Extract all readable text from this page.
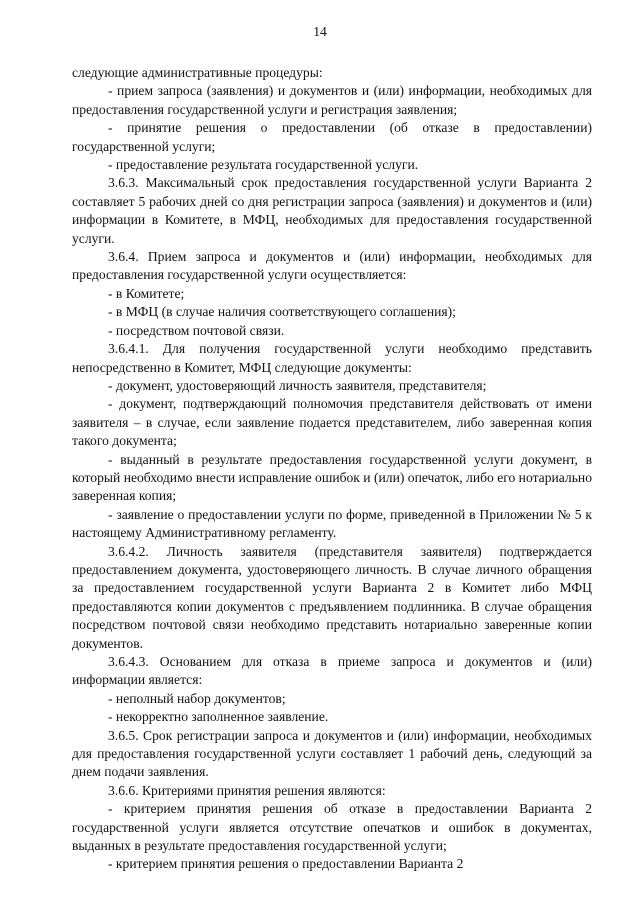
14

следующие административные процедуры:

- прием запроса (заявления) и документов и (или) информации, необходимых для предоставления государственной услуги и регистрация заявления;

- принятие решения о предоставлении (об отказе в предоставлении) государственной услуги;

- предоставление результата государственной услуги.

3.6.3. Максимальный срок предоставления государственной услуги Варианта 2 составляет 5 рабочих дней со дня регистрации запроса (заявления) и документов и (или) информации в Комитете, в МФЦ, необходимых для предоставления государственной услуги.

3.6.4. Прием запроса и документов и (или) информации, необходимых для предоставления государственной услуги осуществляется:

- в Комитете;

- в МФЦ (в случае наличия соответствующего соглашения);

- посредством почтовой связи.

3.6.4.1. Для получения государственной услуги необходимо представить непосредственно в Комитет, МФЦ следующие документы:

- документ, удостоверяющий личность заявителя, представителя;

- документ, подтверждающий полномочия представителя действовать от имени заявителя – в случае, если заявление подается представителем, либо заверенная копия такого документа;

- выданный в результате предоставления государственной услуги документ, в который необходимо внести исправление ошибок и (или) опечаток, либо его нотариально заверенная копия;

- заявление о предоставлении услуги по форме, приведенной в Приложении № 5 к настоящему Административному регламенту.

3.6.4.2. Личность заявителя (представителя заявителя) подтверждается предоставлением документа, удостоверяющего личность. В случае личного обращения за предоставлением государственной услуги Варианта 2 в Комитет либо МФЦ предоставляются копии документов с предъявлением подлинника. В случае обращения посредством почтовой связи необходимо представить нотариально заверенные копии документов.

3.6.4.3. Основанием для отказа в приеме запроса и документов и (или) информации является:

- неполный набор документов;

- некорректно заполненное заявление.

3.6.5. Срок регистрации запроса и документов и (или) информации, необходимых для предоставления государственной услуги составляет 1 рабочий день, следующий за днем подачи заявления.

3.6.6. Критериями принятия решения являются:

- критерием принятия решения об отказе в предоставлении Варианта 2 государственной услуги является отсутствие опечатков и ошибок в документах, выданных в результате предоставления государственной услуги;

- критерием принятия решения о предоставлении Варианта 2
